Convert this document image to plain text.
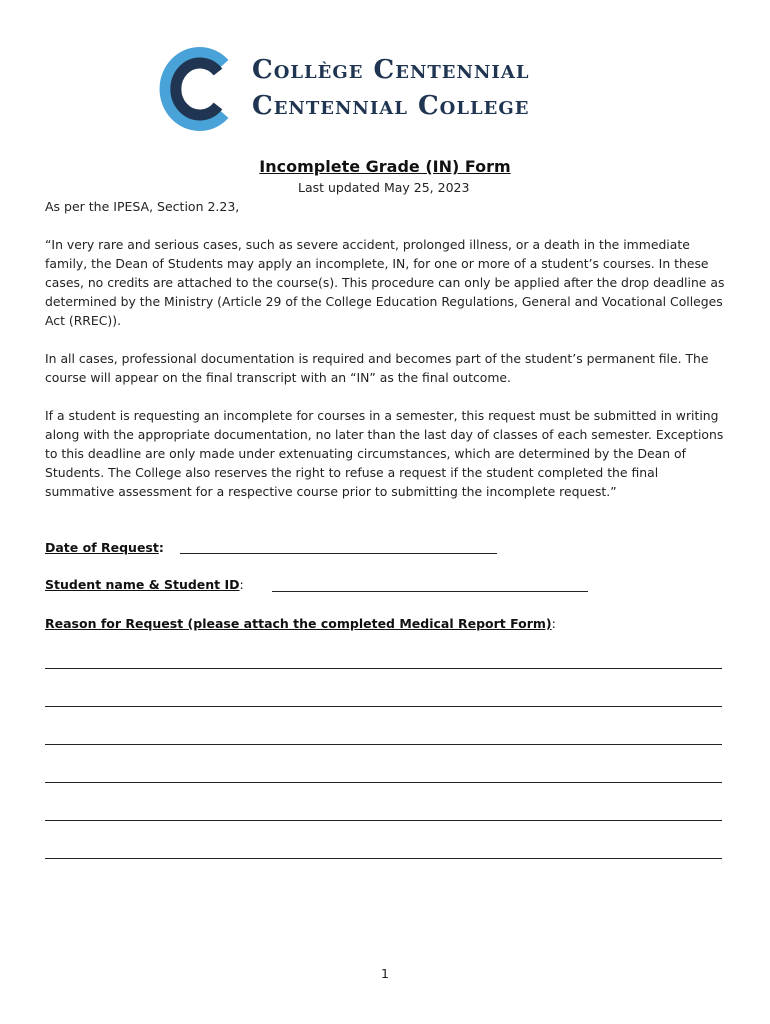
Collège Centennial
Centennial College
Incomplete Grade (IN) Form
Last updated May 25, 2023
As per the IPESA, Section 2.23,

“In very rare and serious cases, such as severe accident, prolonged illness, or a death in the immediate family, the Dean of Students may apply an incomplete, IN, for one or more of a student’s courses. In these cases, no credits are attached to the course(s). This procedure can only be applied after the drop deadline as determined by the Ministry (Article 29 of the College Education Regulations, General and Vocational Colleges Act (RREC)).

In all cases, professional documentation is required and becomes part of the student’s permanent file. The course will appear on the final transcript with an “IN” as the final outcome.

If a student is requesting an incomplete for courses in a semester, this request must be submitted in writing along with the appropriate documentation, no later than the last day of classes of each semester. Exceptions to this deadline are only made under extenuating circumstances, which are determined by the Dean of Students. The College also reserves the right to refuse a request if the student completed the final summative assessment for a respective course prior to submitting the incomplete request.”

Date of Request:
Student name & Student ID:
Reason for Request (please attach the completed Medical Report Form):
1
